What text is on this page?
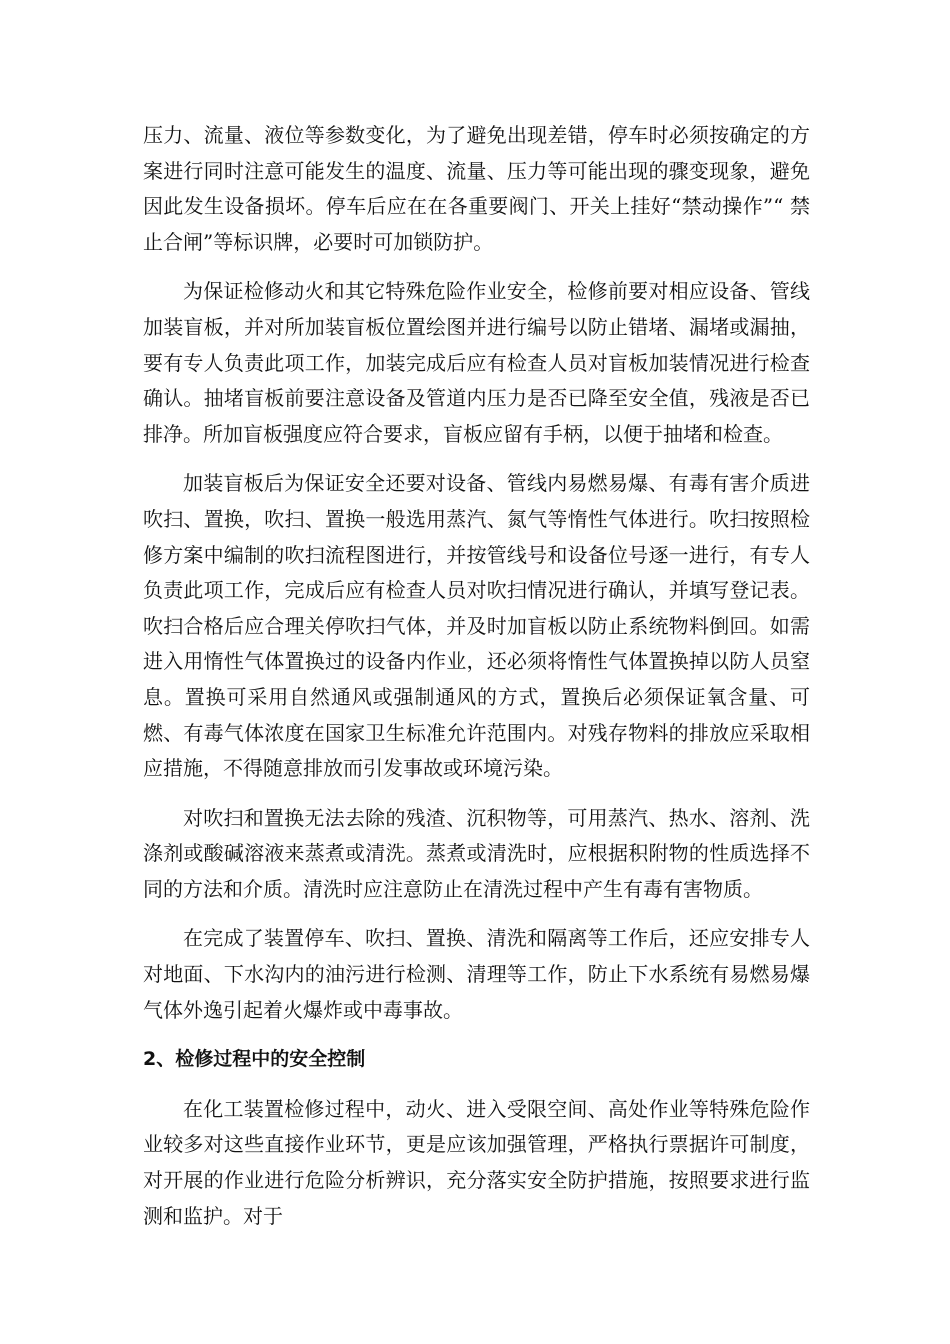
压力、流量、液位等参数变化，为了避免出现差错，停车时必须按确定的方案进行同时注意可能发生的温度、流量、压力等可能出现的骤变现象，避免因此发生设备损坏。停车后应在在各重要阀门、开关上挂好“禁动操作”“ 禁止合闸”等标识牌，必要时可加锁防护。

为保证检修动火和其它特殊危险作业安全，检修前要对相应设备、管线加装盲板，并对所加装盲板位置绘图并进行编号以防止错堵、漏堵或漏抽，要有专人负责此项工作，加装完成后应有检查人员对盲板加装情况进行检查确认。抽堵盲板前要注意设备及管道内压力是否已降至安全值，残液是否已排净。所加盲板强度应符合要求，盲板应留有手柄，以便于抽堵和检查。

加装盲板后为保证安全还要对设备、管线内易燃易爆、有毒有害介质进吹扫、置换，吹扫、置换一般选用蒸汽、氮气等惰性气体进行。吹扫按照检修方案中编制的吹扫流程图进行，并按管线号和设备位号逐一进行，有专人负责此项工作，完成后应有检查人员对吹扫情况进行确认，并填写登记表。吹扫合格后应合理关停吹扫气体，并及时加盲板以防止系统物料倒回。如需进入用惰性气体置换过的设备内作业，还必须将惰性气体置换掉以防人员窒息。置换可采用自然通风或强制通风的方式，置换后必须保证氧含量、可燃、有毒气体浓度在国家卫生标准允许范围内。对残存物料的排放应采取相应措施，不得随意排放而引发事故或环境污染。

对吹扫和置换无法去除的残渣、沉积物等，可用蒸汽、热水、溶剂、洗涤剂或酸碱溶液来蒸煮或清洗。蒸煮或清洗时，应根据积附物的性质选择不同的方法和介质。清洗时应注意防止在清洗过程中产生有毒有害物质。

在完成了装置停车、吹扫、置换、清洗和隔离等工作后，还应安排专人对地面、下水沟内的油污进行检测、清理等工作，防止下水系统有易燃易爆气体外逸引起着火爆炸或中毒事故。

2、检修过程中的安全控制

在化工装置检修过程中，动火、进入受限空间、高处作业等特殊危险作业较多对这些直接作业环节，更是应该加强管理，严格执行票据许可制度，对开展的作业进行危险分析辨识，充分落实安全防护措施，按照要求进行监测和监护。对于
